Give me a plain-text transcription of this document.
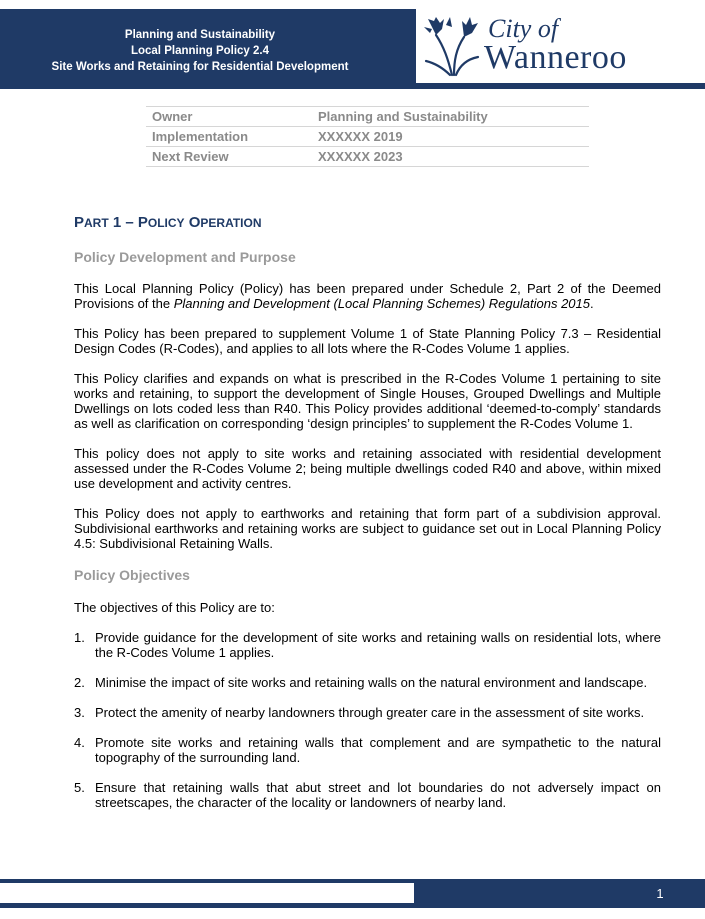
Planning and Sustainability
Local Planning Policy 2.4
Site Works and Retaining for Residential Development
City of
Wanneroo
Owner	Planning and Sustainability
Implementation	XXXXXX 2019
Next Review	XXXXXX 2023
PART 1 – POLICY OPERATION
Policy Development and Purpose
This Local Planning Policy (Policy) has been prepared under Schedule 2, Part 2 of the Deemed Provisions of the Planning and Development (Local Planning Schemes) Regulations 2015.
This Policy has been prepared to supplement Volume 1 of State Planning Policy 7.3 – Residential Design Codes (R-Codes), and applies to all lots where the R-Codes Volume 1 applies.
This Policy clarifies and expands on what is prescribed in the R-Codes Volume 1 pertaining to site works and retaining, to support the development of Single Houses, Grouped Dwellings and Multiple Dwellings on lots coded less than R40. This Policy provides additional ‘deemed-to-comply’ standards as well as clarification on corresponding ‘design principles’ to supplement the R-Codes Volume 1.
This policy does not apply to site works and retaining associated with residential development assessed under the R-Codes Volume 2; being multiple dwellings coded R40 and above, within mixed use development and activity centres.
This Policy does not apply to earthworks and retaining that form part of a subdivision approval. Subdivisional earthworks and retaining works are subject to guidance set out in Local Planning Policy 4.5: Subdivisional Retaining Walls.
Policy Objectives
The objectives of this Policy are to:
1. Provide guidance for the development of site works and retaining walls on residential lots, where the R-Codes Volume 1 applies.
2. Minimise the impact of site works and retaining walls on the natural environment and landscape.
3. Protect the amenity of nearby landowners through greater care in the assessment of site works.
4. Promote site works and retaining walls that complement and are sympathetic to the natural topography of the surrounding land.
5. Ensure that retaining walls that abut street and lot boundaries do not adversely impact on streetscapes, the character of the locality or landowners of nearby land.
1
